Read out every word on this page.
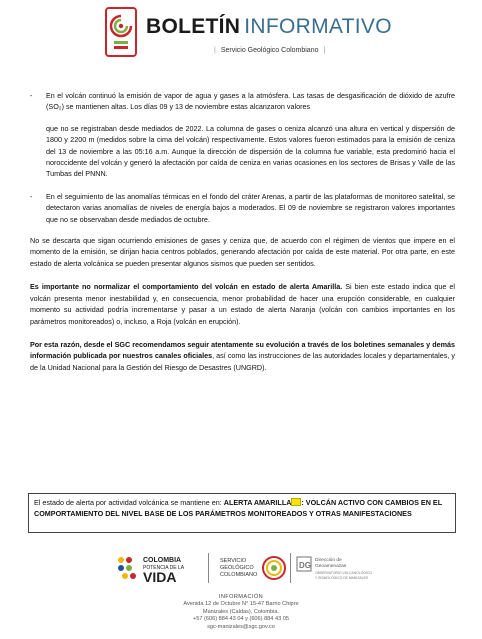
BOLETÍN INFORMATIVO
| Servicio Geológico Colombiano |
- En el volcán continuó la emisión de vapor de agua y gases a la atmósfera. Las tasas de desgasificación de dióxido de azufre (SO₂) se mantienen altas. Los días 09 y 13 de noviembre estas alcanzaron valores

que no se registraban desde mediados de 2022. La columna de gases o ceniza alcanzó una altura en vertical y dispersión de 1800 y 2200 m (medidos sobre la cima del volcán) respectivamente. Estos valores fueron estimados para la emisión de ceniza del 13 de noviembre a las 05:16 a.m. Aunque la dirección de dispersión de la columna fue variable, esta predominó hacia el noroccidente del volcán y generó la afectación por caída de ceniza en varias ocasiones en los sectores de Brisas y Valle de las Tumbas del PNNN.

- En el seguimiento de las anomalías térmicas en el fondo del cráter Arenas, a partir de las plataformas de monitoreo satelital, se detectaron varias anomalías de niveles de energía bajos a moderados. El 09 de noviembre se registraron valores importantes que no se observaban desde mediados de octubre.

No se descarta que sigan ocurriendo emisiones de gases y ceniza que, de acuerdo con el régimen de vientos que impere en el momento de la emisión, se dirijan hacia centros poblados, generando afectación por caída de este material. Por otra parte, en este estado de alerta volcánica se pueden presentar algunos sismos que pueden ser sentidos.

Es importante no normalizar el comportamiento del volcán en estado de alerta Amarilla. Si bien este estado indica que el volcán presenta menor inestabilidad y, en consecuencia, menor probabilidad de hacer una erupción considerable, en cualquier momento su actividad podría incrementarse y pasar a un estado de alerta Naranja (volcán con cambios importantes en los parámetros monitoreados) o, incluso, a Roja (volcán en erupción).

Por esta razón, desde el SGC recomendamos seguir atentamente su evolución a través de los boletines semanales y demás información publicada por nuestros canales oficiales, así como las instrucciones de las autoridades locales y departamentales, y de la Unidad Nacional para la Gestión del Riesgo de Desastres (UNGRD).

El estado de alerta por actividad volcánica se mantiene en: ALERTA AMARILLA : VOLCÁN ACTIVO CON CAMBIOS EN EL COMPORTAMIENTO DEL NIVEL BASE DE LOS PARÁMETROS MONITOREADOS Y OTRAS MANIFESTACIONES
COLOMBIA
POTENCIA DE LA
VIDA
SERVICIO
GEOLÓGICO
COLOMBIANO
DG
Dirección de
Geoamenazas
OBSERVATORIO VULCANOLÓGICO
Y SISMOLÓGICO DE MANIZALES
INFORMACIÓN
Avenida 12 de Octubre N° 15-47 Barrio Chipre
Manizales (Caldas), Colombia.
+57 (606) 884 43 04 y (606) 884 43 05
sgc-manizales@sgc.gov.co
